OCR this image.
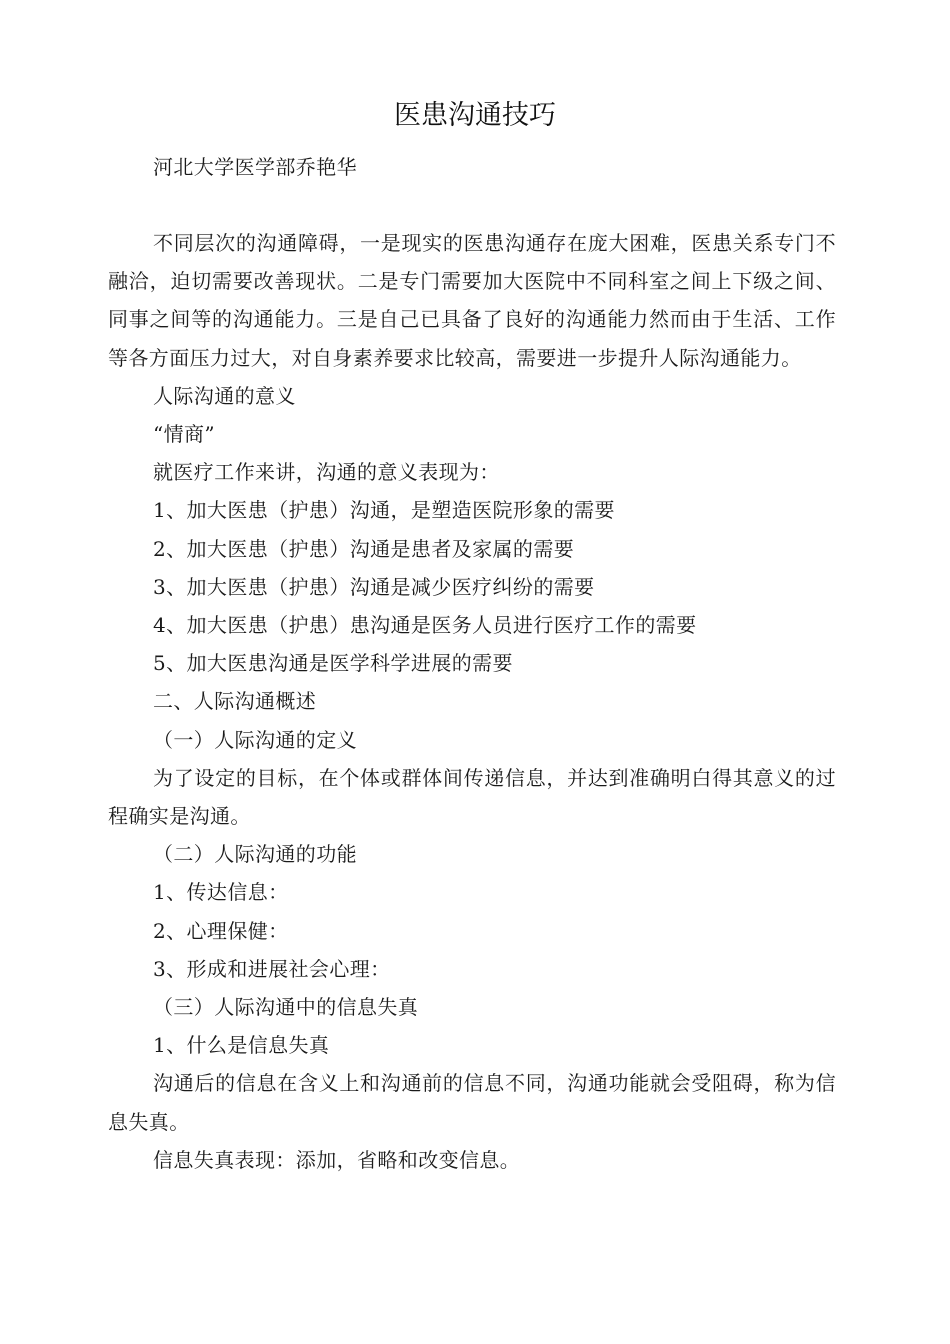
医患沟通技巧
河北大学医学部乔艳华

不同层次的沟通障碍，一是现实的医患沟通存在庞大困难，医患关系专门不融洽，迫切需要改善现状。二是专门需要加大医院中不同科室之间上下级之间、同事之间等的沟通能力。三是自己已具备了良好的沟通能力然而由于生活、工作等各方面压力过大，对自身素养要求比较高，需要进一步提升人际沟通能力。

人际沟通的意义

“情商”

就医疗工作来讲，沟通的意义表现为：

1、加大医患（护患）沟通，是塑造医院形象的需要

2、加大医患（护患）沟通是患者及家属的需要

3、加大医患（护患）沟通是减少医疗纠纷的需要

4、加大医患（护患）患沟通是医务人员进行医疗工作的需要

5、加大医患沟通是医学科学进展的需要

二、人际沟通概述

（一）人际沟通的定义

为了设定的目标，在个体或群体间传递信息，并达到准确明白得其意义的过程确实是沟通。

（二）人际沟通的功能

1、传达信息：

2、心理保健：

3、形成和进展社会心理：

（三）人际沟通中的信息失真

1、什么是信息失真

沟通后的信息在含义上和沟通前的信息不同，沟通功能就会受阻碍，称为信息失真。

信息失真表现：添加，省略和改变信息。
